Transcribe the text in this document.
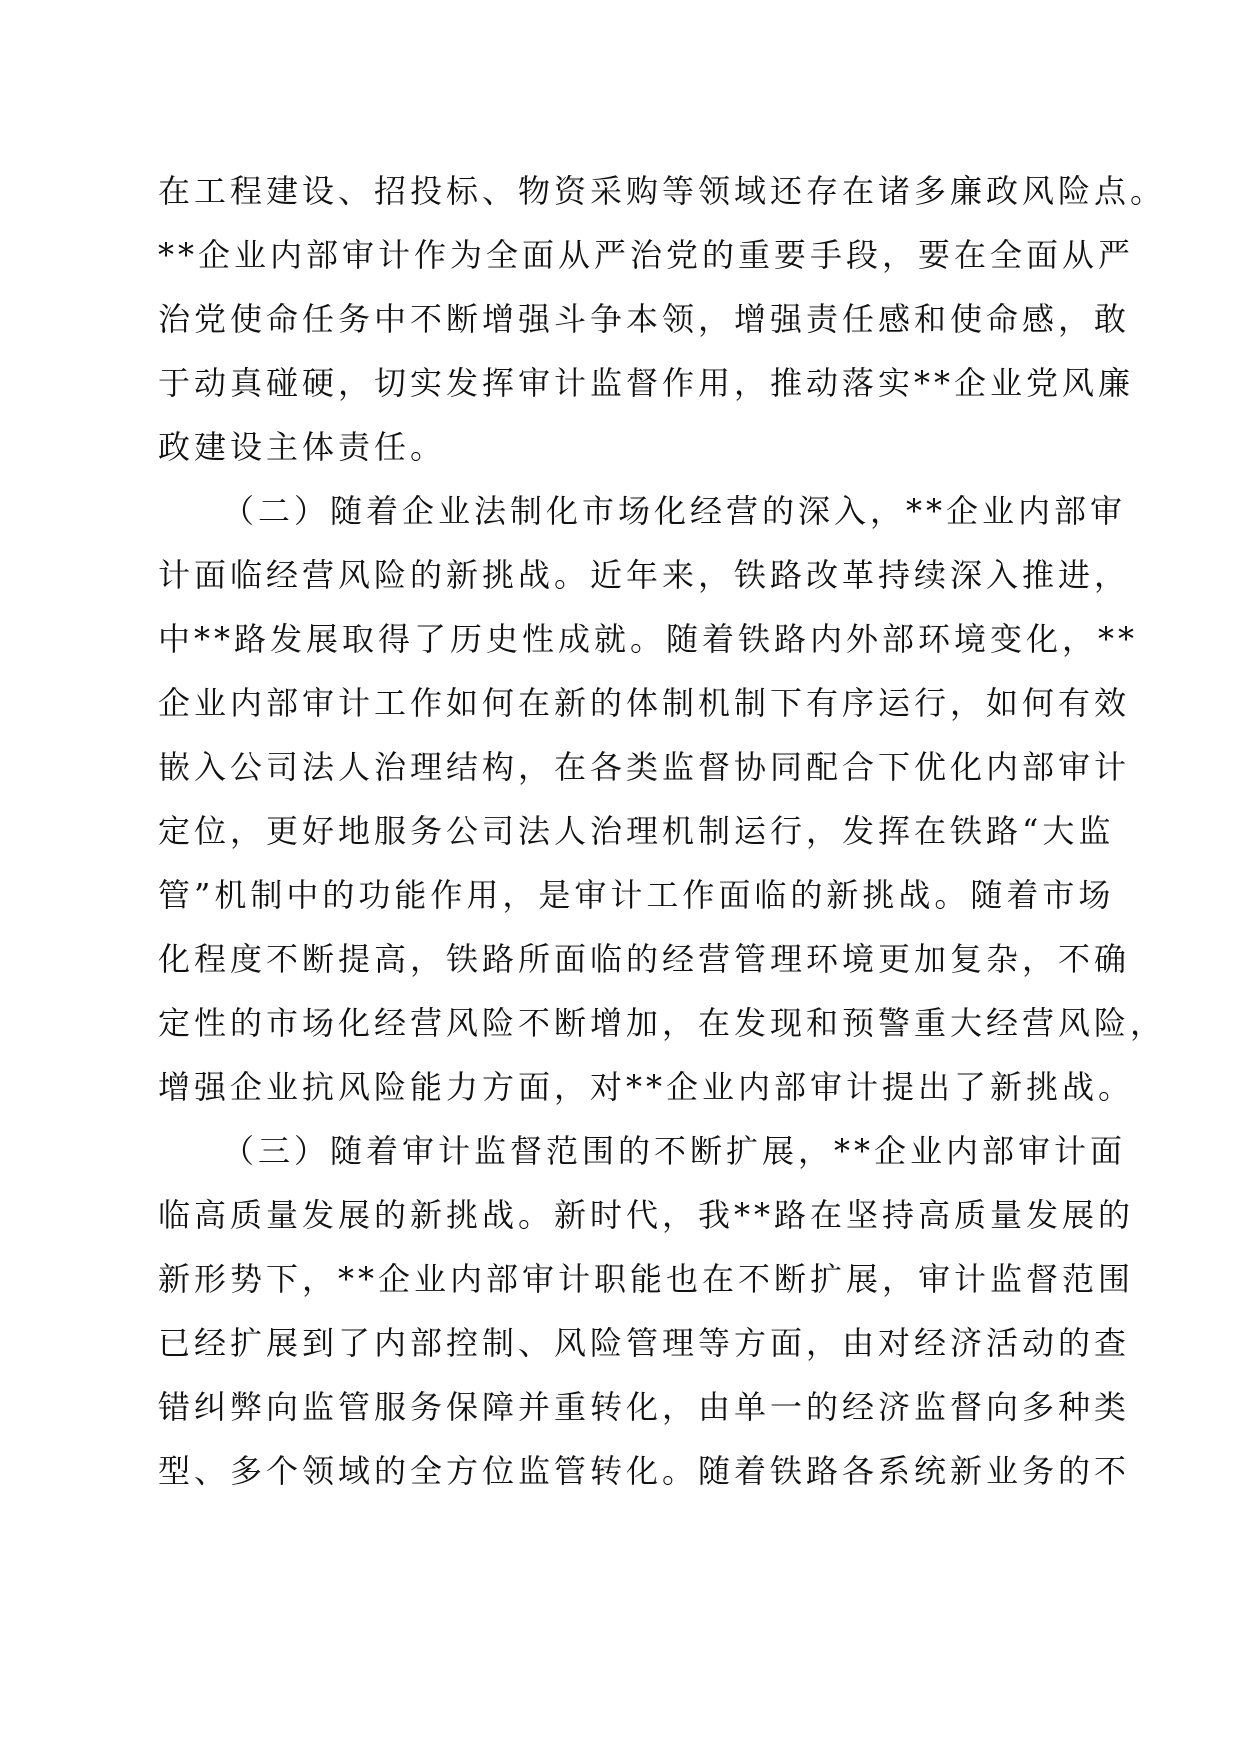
在工程建设、招投标、物资采购等领域还存在诸多廉政风险点。
**企业内部审计作为全面从严治党的重要手段，要在全面从严
治党使命任务中不断增强斗争本领，增强责任感和使命感，敢
于动真碰硬，切实发挥审计监督作用，推动落实**企业党风廉
政建设主体责任。
（二）随着企业法制化市场化经营的深入，**企业内部审
计面临经营风险的新挑战。近年来，铁路改革持续深入推进，
中**路发展取得了历史性成就。随着铁路内外部环境变化，**
企业内部审计工作如何在新的体制机制下有序运行，如何有效
嵌入公司法人治理结构，在各类监督协同配合下优化内部审计
定位，更好地服务公司法人治理机制运行，发挥在铁路“大监
管”机制中的功能作用，是审计工作面临的新挑战。随着市场
化程度不断提高，铁路所面临的经营管理环境更加复杂，不确
定性的市场化经营风险不断增加，在发现和预警重大经营风险，
增强企业抗风险能力方面，对**企业内部审计提出了新挑战。
（三）随着审计监督范围的不断扩展，**企业内部审计面
临高质量发展的新挑战。新时代，我**路在坚持高质量发展的
新形势下，**企业内部审计职能也在不断扩展，审计监督范围
已经扩展到了内部控制、风险管理等方面，由对经济活动的查
错纠弊向监管服务保障并重转化，由单一的经济监督向多种类
型、多个领域的全方位监管转化。随着铁路各系统新业务的不
